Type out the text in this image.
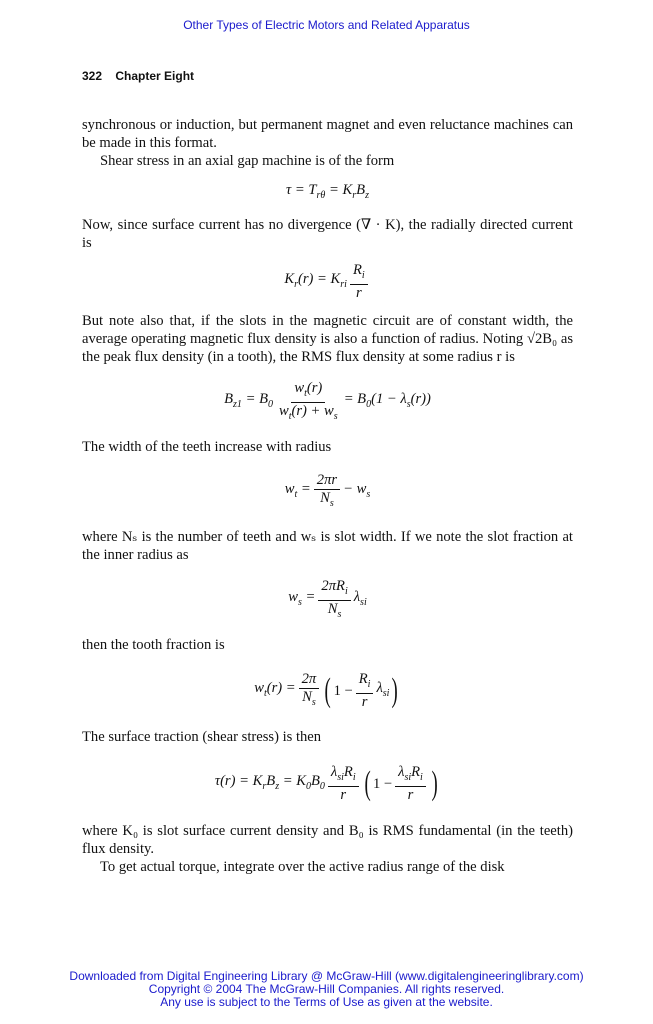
Other Types of Electric Motors and Related Apparatus
322 Chapter Eight

synchronous or induction, but permanent magnet and even reluctance machines can be made in this format.

Shear stress in an axial gap machine is of the form

$\tau = T_{r\theta} = K_rB_z$

Now, since surface current has no divergence (∇ · K), the radially directed current is

$K_r(r) = K_{ri} \frac{R_i}{r}$

But note also that, if the slots in the magnetic circuit are of constant width, the average operating magnetic flux density is also a function of radius. Noting √2B₀ as the peak flux density (in a tooth), the RMS flux density at some radius r is

$B_{z1} = B_0 \frac{w_t(r)}{w_t(r) + w_s} = B_0(1 - \lambda_s(r))$

The width of the teeth increase with radius

$w_t = \frac{2\pi r}{N_s} - w_s$

where Nₛ is the number of teeth and wₛ is slot width. If we note the slot fraction at the inner radius as

$w_s = \frac{2\pi R_i}{N_s} \lambda_{si}$

then the tooth fraction is

$w_t(r) = \frac{2\pi}{N_s}$ ( $1 - \frac{R_i}{r} \lambda_{si}$ )

The surface traction (shear stress) is then

$\tau(r) = K_rB_z = K_0B_0 \frac{\lambda_{si}R_i}{r}$ ( $1 - \frac{\lambda_{si}R_i}{r}$ )

where K₀ is slot surface current density and B₀ is RMS fundamental (in the teeth) flux density.

To get actual torque, integrate over the active radius range of the disk

Downloaded from Digital Engineering Library @ McGraw-Hill (www.digitalengineeringlibrary.com)
Copyright © 2004 The McGraw-Hill Companies. All rights reserved.
Any use is subject to the Terms of Use as given at the website.
